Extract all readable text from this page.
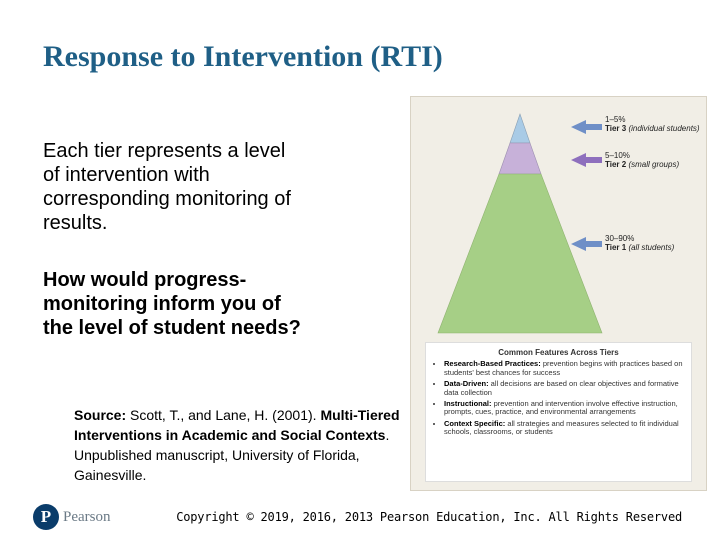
Response to Intervention (RTI)
Each tier represents a level of intervention with corresponding monitoring of results.
How would progress-monitoring inform you of the level of student needs?
Source: Scott, T., and Lane, H. (2001). Multi-Tiered Interventions in Academic and Social Contexts. Unpublished manuscript, University of Florida, Gainesville.
1–5%
Tier 3 (individual students)
5–10%
Tier 2 (small groups)
30–90%
Tier 1 (all students)
Common Features Across Tiers
• Research-Based Practices: prevention begins with practices based on students' best chances for success
• Data-Driven: all decisions are based on clear objectives and formative data collection
• Instructional: prevention and intervention involve effective instruction, prompts, cues, practice, and environmental arrangements
• Context Specific: all strategies and measures selected to fit individual schools, classrooms, or students
P Pearson	Copyright © 2019, 2016, 2013 Pearson Education, Inc. All Rights Reserved
